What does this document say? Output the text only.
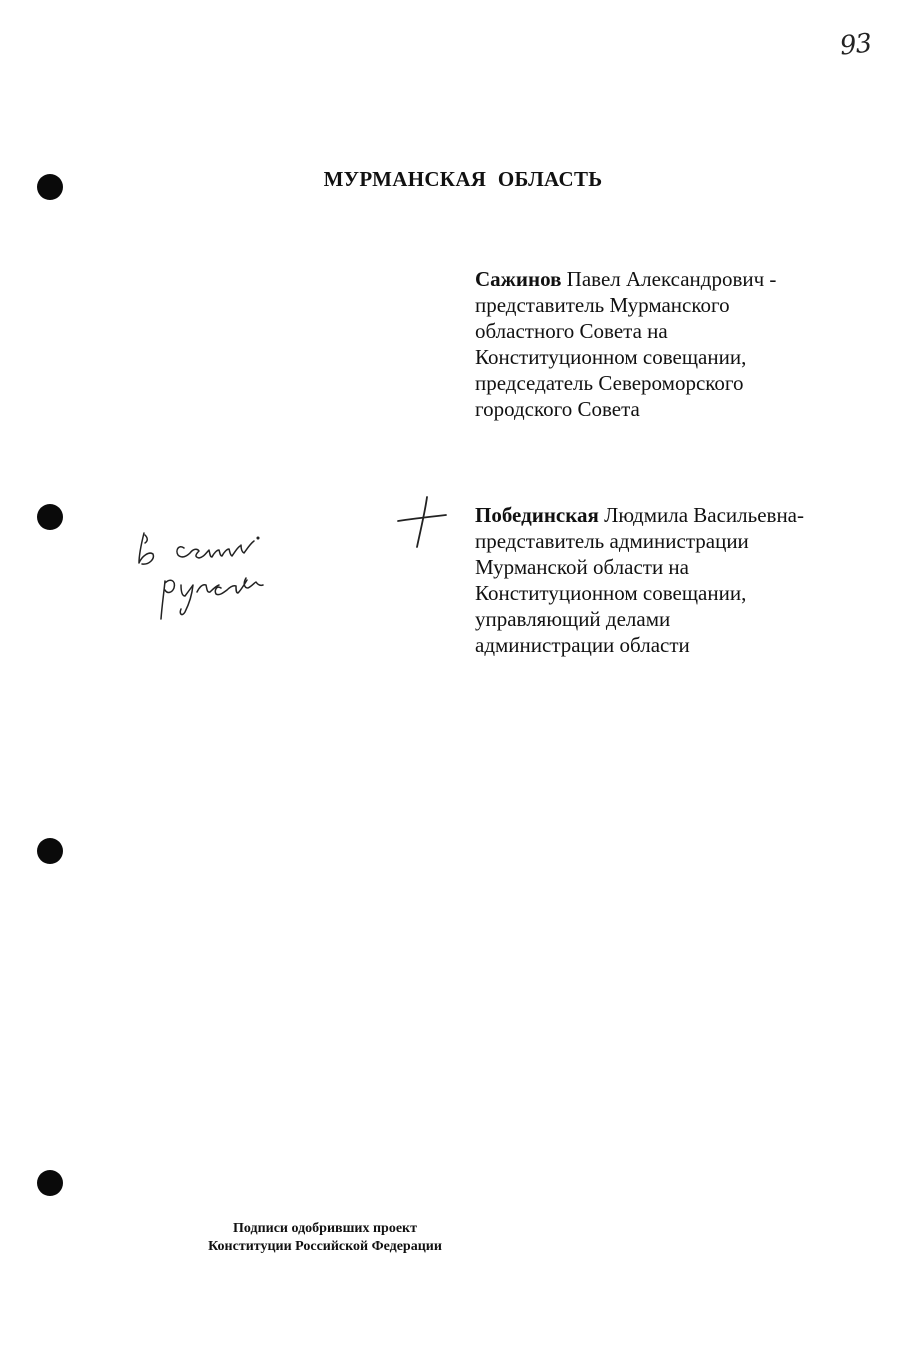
93
МУРМАНСКАЯ ОБЛАСТЬ
Сажинов Павел Александрович -
представитель Мурманского
областного Совета на
Конституционном совещании,
председатель Североморского
городского Совета
Побединская Людмила Васильевна-
представитель администрации
Мурманской области на
Конституционном совещании,
управляющий делами
администрации области
Подписи одобривших проект
Конституции Российской Федерации
